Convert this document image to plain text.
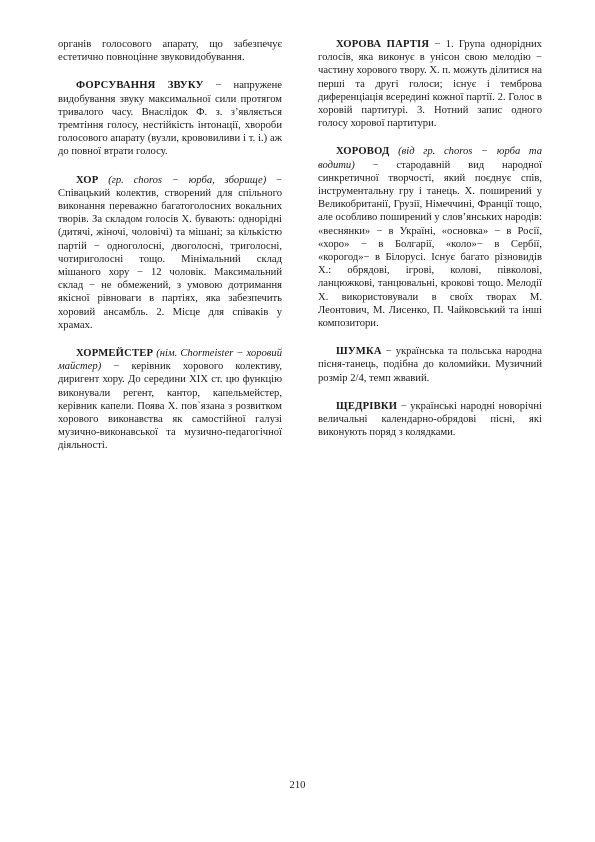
органів голосового апарату, що забезпечує естетично повноцінне звуковидобування.

ФОРСУВАННЯ ЗВУКУ − напружене видобування звуку максимальної сили протягом тривалого часу. Внаслідок Ф. з. з’являється тремтіння голосу, нестійкість інтонації, хвороби голосового апарату (вузли, крововиливи і т. і.) аж до повної втрати голосу.

ХОР (гр. choros − юрба, зборище) − Співацький колектив, створений для спільного виконання переважно багатоголосних вокальних творів. За складом голосів Х. бувають: однорідні (дитячі, жіночі, чоловічі) та мішані; за кількістю партій − одноголосні, двоголосні, триголосні, чотириголосні тощо. Мінімальний склад мішаного хору − 12 чоловік. Максимальний склад − не обмежений, з умовою дотримання якісної рівноваги в партіях, яка забезпечить хоровий ансамбль. 2. Місце для співаків у храмах.

ХОРМЕЙСТЕР (нім. Chormeister − хоровий майстер) − керівник хорового колективу, диригент хору. До середини XIX ст. цю функцію виконували регент, кантор, капельмейстер, керівник капели. Поява Х. пов`язана з розвитком хорового виконавства як самостійної галузі музично-виконавської та музично-педагогічної діяльності.

ХОРОВА ПАРТІЯ − 1. Група однорідних голосів, яка виконує в унісон свою мелодію − частину хорового твору. Х. п. можуть ділитися на перші та другі голоси; існує і темброва диференціація всередині кожної партії. 2. Голос в хоровій партитурі. 3. Нотний запис одного голосу хорової партитури.

ХОРОВОД (від гр. choros − юрба та водити) − стародавній вид народної синкретичної творчості, який поєднує спів, інструментальну гру і танець. Х. поширений у Великобританії, Грузії, Німеччині, Франції тощо, але особливо поширений у слов’янських народів: «веснянки» − в Україні, «основка» − в Росії, «хоро» − в Болгарії, «коло»− в Сербії, «корогод»− в Білорусі. Існує багато різновидів Х.: обрядові, ігрові, колові, півколові, ланцюжкові, танцювальні, крокові тощо. Мелодії Х. використовували в своїх творах М. Леонтович, М. Лисенко, П. Чайковський та інші композитори.

ШУМКА − українська та польська народна пісня-танець, подібна до коломийки. Музичний розмір 2/4, темп жвавий.

ЩЕДРІВКИ − українські народні новорічні величальні календарно-обрядові пісні, які виконують поряд з колядками.

210
